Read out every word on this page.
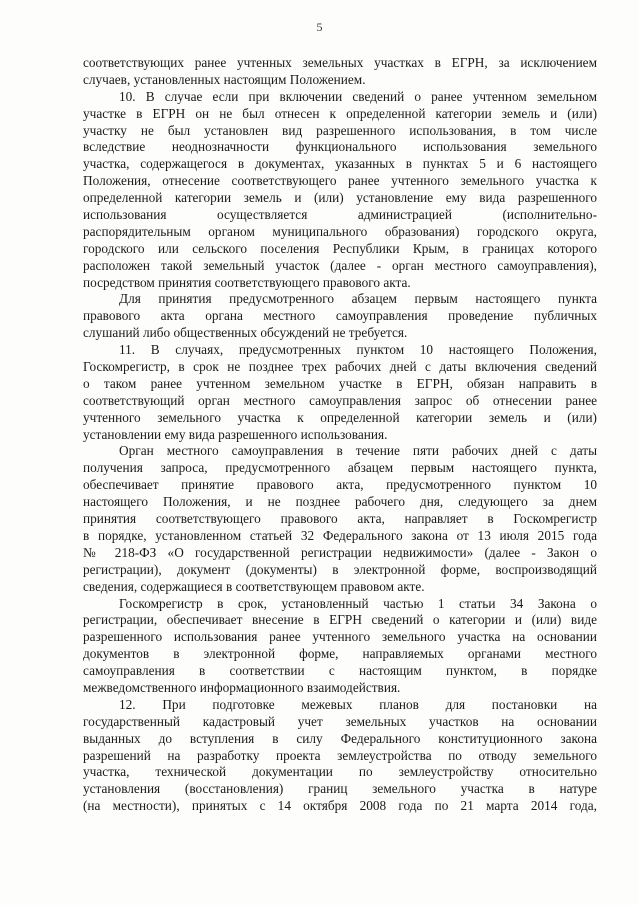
5
соответствующих ранее учтенных земельных участках в ЕГРН, за исключением
случаев, установленных настоящим Положением.
10. В случае если при включении сведений о ранее учтенном земельном
участке в ЕГРН он не был отнесен к определенной категории земель и (или)
участку не был установлен вид разрешенного использования, в том числе
вследствие неоднозначности функционального использования земельного
участка, содержащегося в документах, указанных в пунктах 5 и 6 настоящего
Положения, отнесение соответствующего ранее учтенного земельного участка к
определенной категории земель и (или) установление ему вида разрешенного
использования осуществляется администрацией (исполнительно-
распорядительным органом муниципального образования) городского округа,
городского или сельского поселения Республики Крым, в границах которого
расположен такой земельный участок (далее - орган местного самоуправления),
посредством принятия соответствующего правового акта.
Для принятия предусмотренного абзацем первым настоящего пункта
правового акта органа местного самоуправления проведение публичных
слушаний либо общественных обсуждений не требуется.
11. В случаях, предусмотренных пунктом 10 настоящего Положения,
Госкомрегистр, в срок не позднее трех рабочих дней с даты включения сведений
о таком ранее учтенном земельном участке в ЕГРН, обязан направить в
соответствующий орган местного самоуправления запрос об отнесении ранее
учтенного земельного участка к определенной категории земель и (или)
установлении ему вида разрешенного использования.
Орган местного самоуправления в течение пяти рабочих дней с даты
получения запроса, предусмотренного абзацем первым настоящего пункта,
обеспечивает принятие правового акта, предусмотренного пунктом 10
настоящего Положения, и не позднее рабочего дня, следующего за днем
принятия соответствующего правового акта, направляет в Госкомрегистр
в порядке, установленном статьей 32 Федерального закона от 13 июля 2015 года
№ 218-ФЗ «О государственной регистрации недвижимости» (далее - Закон о
регистрации), документ (документы) в электронной форме, воспроизводящий
сведения, содержащиеся в соответствующем правовом акте.
Госкомрегистр в срок, установленный частью 1 статьи 34 Закона о
регистрации, обеспечивает внесение в ЕГРН сведений о категории и (или) виде
разрешенного использования ранее учтенного земельного участка на основании
документов в электронной форме, направляемых органами местного
самоуправления в соответствии с настоящим пунктом, в порядке
межведомственного информационного взаимодействия.
12. При подготовке межевых планов для постановки на
государственный кадастровый учет земельных участков на основании
выданных до вступления в силу Федерального конституционного закона
разрешений на разработку проекта землеустройства по отводу земельного
участка, технической документации по землеустройству относительно
установления (восстановления) границ земельного участка в натуре
(на местности), принятых с 14 октября 2008 года по 21 марта 2014 года,
